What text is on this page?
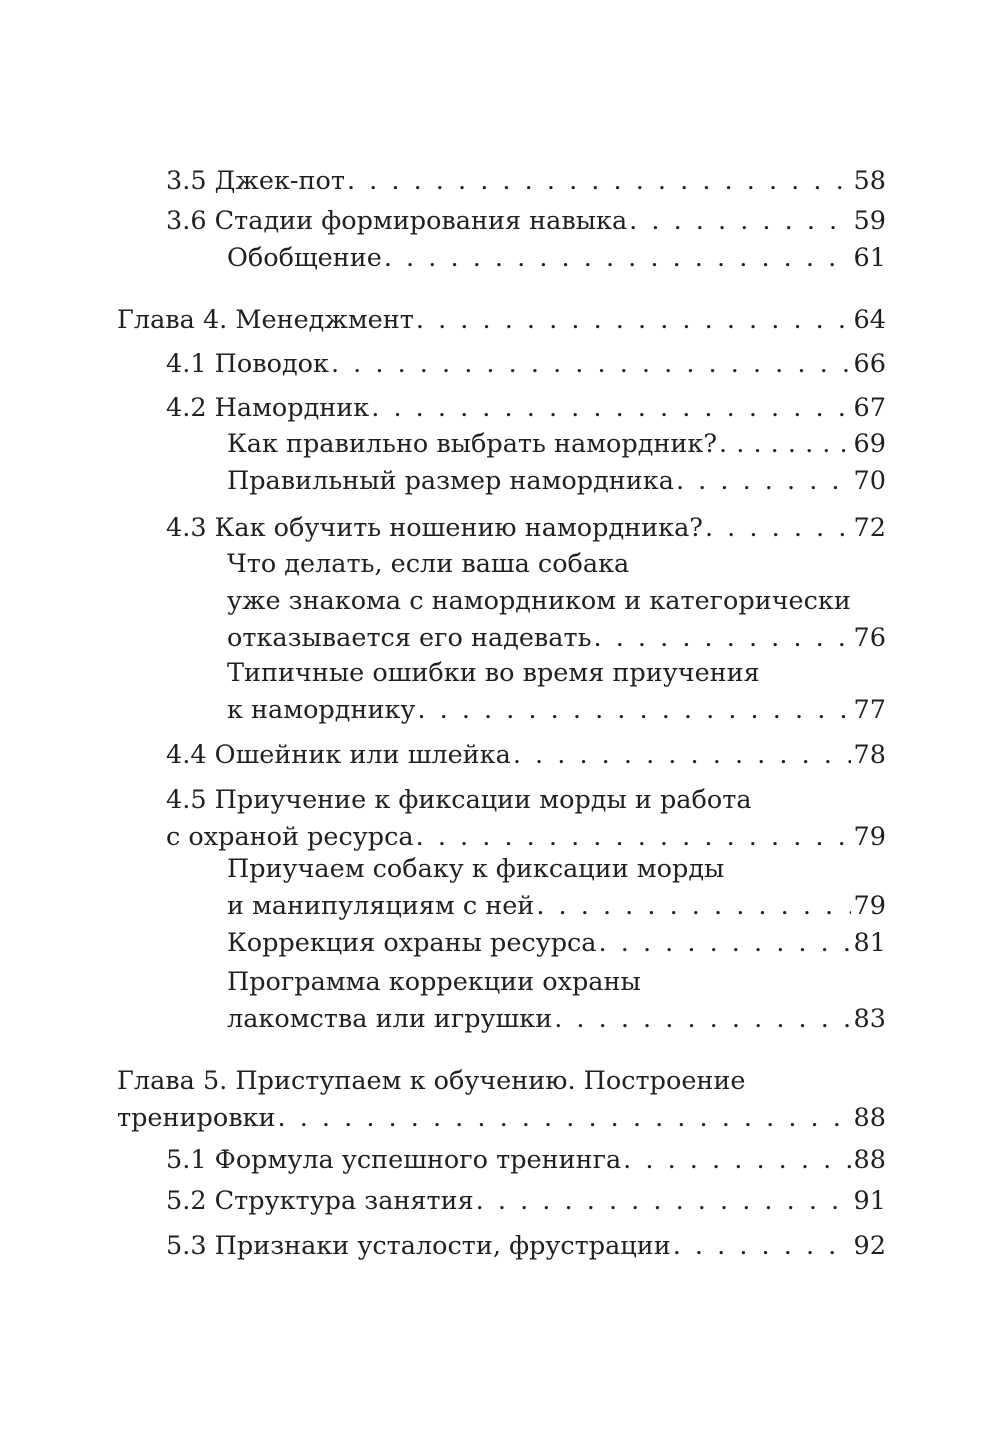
3.5 Джек-пот . . .	58
3.6 Стадии формирования навыка . . .	59
Обобщение . . .	61
Глава 4. Менеджмент . . .	64
4.1 Поводок . . .	66
4.2 Намордник . . .	67
Как правильно выбрать намордник? . . .	69
Правильный размер намордника . . .	70
4.3 Как обучить ношению намордника? . . .	72
Что делать, если ваша собака
уже знакома с намордником и категорически
отказывается его надевать . . .	76
Типичные ошибки во время приучения
к наморднику . . .	77
4.4 Ошейник или шлейка . . .	78
4.5 Приучение к фиксации морды и работа
с охраной ресурса . . .	79
Приучаем собаку к фиксации морды
и манипуляциям с ней . . .	79
Коррекция охраны ресурса . . .	81
Программа коррекции охраны
лакомства или игрушки . . .	83
Глава 5. Приступаем к обучению. Построение
тренировки . . .	88
5.1 Формула успешного тренинга . . .	88
5.2 Структура занятия . . .	91
5.3 Признаки усталости, фрустрации . . .	92
